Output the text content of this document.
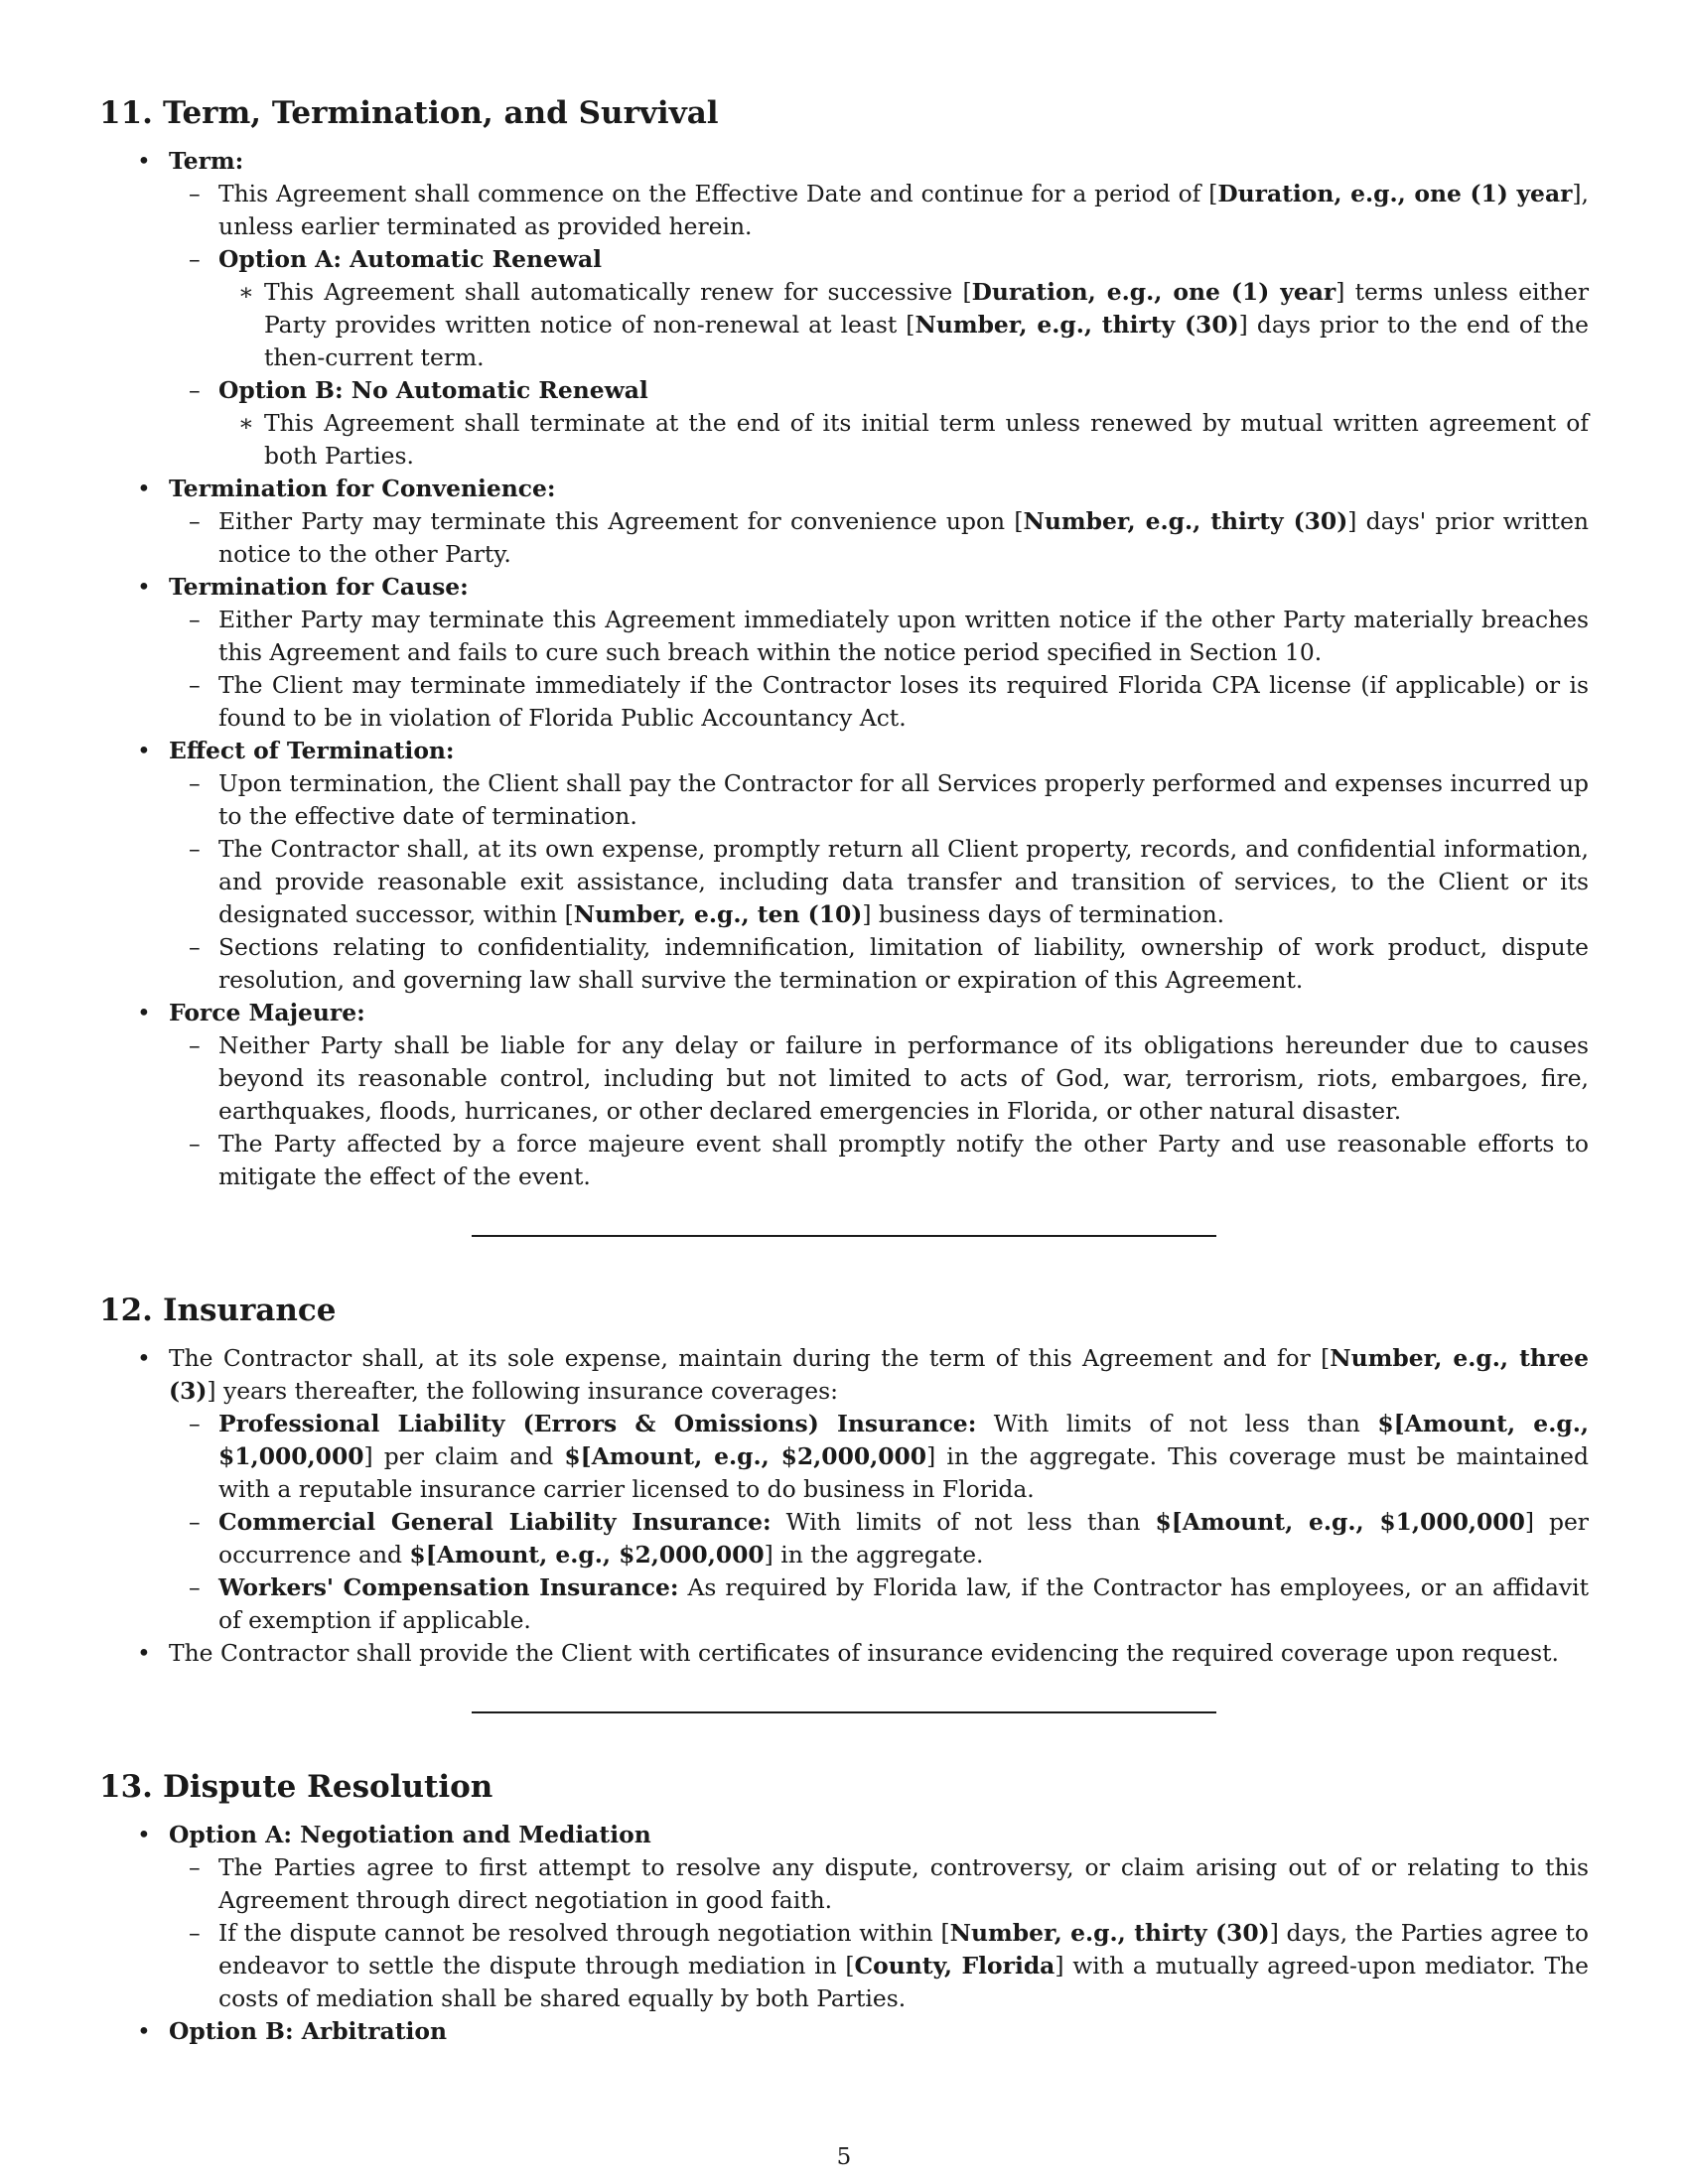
11. Term, Termination, and Survival
• Term:
– This Agreement shall commence on the Effective Date and continue for a period of [Duration, e.g., one (1) year], unless earlier terminated as provided herein.
– Option A: Automatic Renewal
∗ This Agreement shall automatically renew for successive [Duration, e.g., one (1) year] terms unless either Party provides written notice of non-renewal at least [Number, e.g., thirty (30)] days prior to the end of the then-current term.
– Option B: No Automatic Renewal
∗ This Agreement shall terminate at the end of its initial term unless renewed by mutual written agreement of both Parties.
• Termination for Convenience:
– Either Party may terminate this Agreement for convenience upon [Number, e.g., thirty (30)] days' prior written notice to the other Party.
• Termination for Cause:
– Either Party may terminate this Agreement immediately upon written notice if the other Party materially breaches this Agreement and fails to cure such breach within the notice period specified in Section 10.
– The Client may terminate immediately if the Contractor loses its required Florida CPA license (if applicable) or is found to be in violation of Florida Public Accountancy Act.
• Effect of Termination:
– Upon termination, the Client shall pay the Contractor for all Services properly performed and expenses incurred up to the effective date of termination.
– The Contractor shall, at its own expense, promptly return all Client property, records, and confidential information, and provide reasonable exit assistance, including data transfer and transition of services, to the Client or its designated successor, within [Number, e.g., ten (10)] business days of termination.
– Sections relating to confidentiality, indemnification, limitation of liability, ownership of work product, dispute resolution, and governing law shall survive the termination or expiration of this Agreement.
• Force Majeure:
– Neither Party shall be liable for any delay or failure in performance of its obligations hereunder due to causes beyond its reasonable control, including but not limited to acts of God, war, terrorism, riots, embargoes, fire, earthquakes, floods, hurricanes, or other declared emergencies in Florida, or other natural disaster.
– The Party affected by a force majeure event shall promptly notify the other Party and use reasonable efforts to mitigate the effect of the event.
12. Insurance
• The Contractor shall, at its sole expense, maintain during the term of this Agreement and for [Number, e.g., three (3)] years thereafter, the following insurance coverages:
– Professional Liability (Errors & Omissions) Insurance: With limits of not less than $[Amount, e.g., $1,000,000] per claim and $[Amount, e.g., $2,000,000] in the aggregate. This coverage must be maintained with a reputable insurance carrier licensed to do business in Florida.
– Commercial General Liability Insurance: With limits of not less than $[Amount, e.g., $1,000,000] per occurrence and $[Amount, e.g., $2,000,000] in the aggregate.
– Workers' Compensation Insurance: As required by Florida law, if the Contractor has employees, or an affidavit of exemption if applicable.
• The Contractor shall provide the Client with certificates of insurance evidencing the required coverage upon request.
13. Dispute Resolution
• Option A: Negotiation and Mediation
– The Parties agree to first attempt to resolve any dispute, controversy, or claim arising out of or relating to this Agreement through direct negotiation in good faith.
– If the dispute cannot be resolved through negotiation within [Number, e.g., thirty (30)] days, the Parties agree to endeavor to settle the dispute through mediation in [County, Florida] with a mutually agreed-upon mediator. The costs of mediation shall be shared equally by both Parties.
• Option B: Arbitration
5
